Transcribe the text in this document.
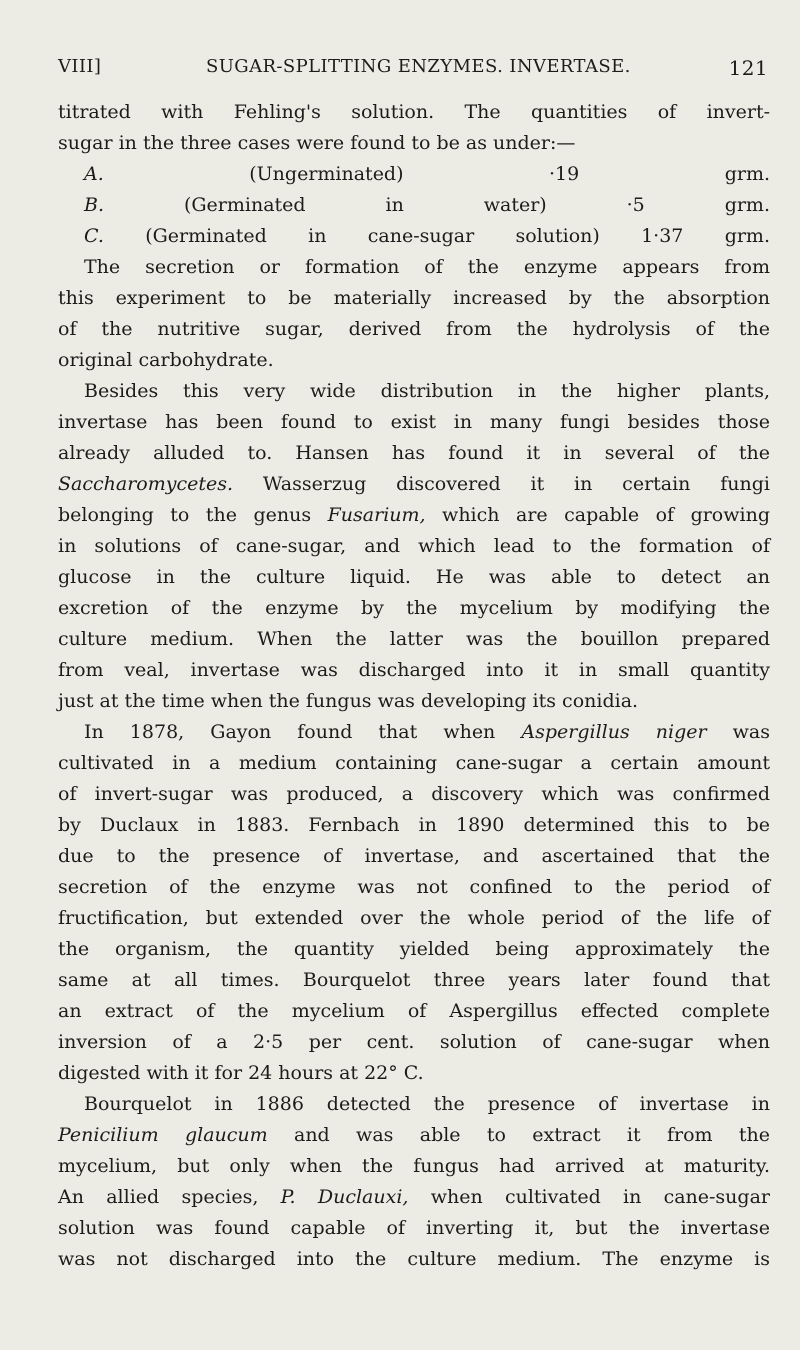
VIII]	SUGAR-SPLITTING ENZYMES. INVERTASE.	121
titrated with Fehling's solution. The quantities of invert-
sugar in the three cases were found to be as under:—
A. (Ungerminated) ·19 grm.
B. (Germinated in water) ·5 grm.
C. (Germinated in cane-sugar solution) 1·37 grm.
The secretion or formation of the enzyme appears from
this experiment to be materially increased by the absorption
of the nutritive sugar, derived from the hydrolysis of the
original carbohydrate.
Besides this very wide distribution in the higher plants,
invertase has been found to exist in many fungi besides those
already alluded to. Hansen has found it in several of the
Saccharomycetes. Wasserzug discovered it in certain fungi
belonging to the genus Fusarium, which are capable of growing
in solutions of cane-sugar, and which lead to the formation of
glucose in the culture liquid. He was able to detect an
excretion of the enzyme by the mycelium by modifying the
culture medium. When the latter was the bouillon prepared
from veal, invertase was discharged into it in small quantity
just at the time when the fungus was developing its conidia.
In 1878, Gayon found that when Aspergillus niger was
cultivated in a medium containing cane-sugar a certain amount
of invert-sugar was produced, a discovery which was confirmed
by Duclaux in 1883. Fernbach in 1890 determined this to be
due to the presence of invertase, and ascertained that the
secretion of the enzyme was not confined to the period of
fructification, but extended over the whole period of the life of
the organism, the quantity yielded being approximately the
same at all times. Bourquelot three years later found that
an extract of the mycelium of Aspergillus effected complete
inversion of a 2·5 per cent. solution of cane-sugar when
digested with it for 24 hours at 22° C.
Bourquelot in 1886 detected the presence of invertase in
Penicilium glaucum and was able to extract it from the
mycelium, but only when the fungus had arrived at maturity.
An allied species, P. Duclauxi, when cultivated in cane-sugar
solution was found capable of inverting it, but the invertase
was not discharged into the culture medium. The enzyme is
